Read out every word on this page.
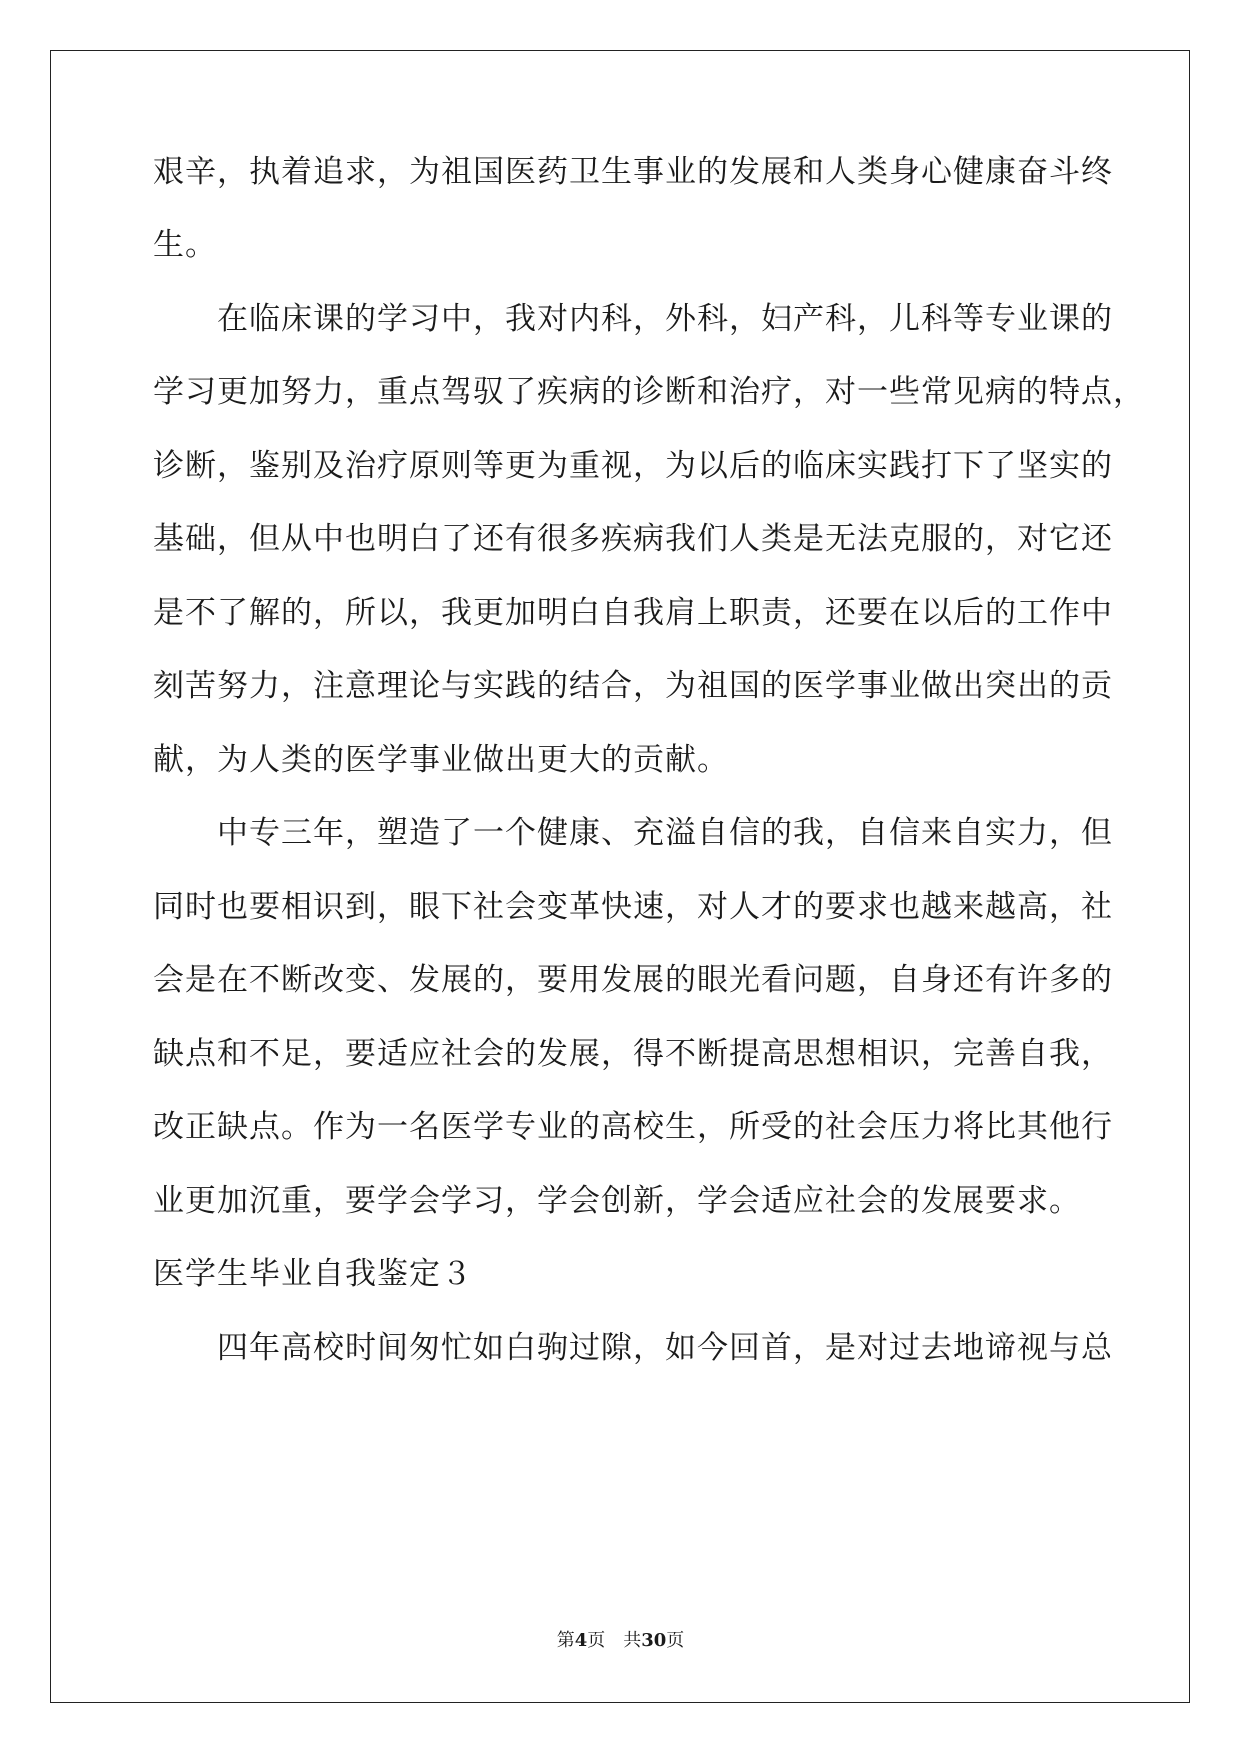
艰辛，执着追求，为祖国医药卫生事业的发展和人类身心健康奋斗终
生。
　　在临床课的学习中，我对内科，外科，妇产科，儿科等专业课的
学习更加努力，重点驾驭了疾病的诊断和治疗，对一些常见病的特点，
诊断，鉴别及治疗原则等更为重视，为以后的临床实践打下了坚实的
基础，但从中也明白了还有很多疾病我们人类是无法克服的，对它还
是不了解的，所以，我更加明白自我肩上职责，还要在以后的工作中
刻苦努力，注意理论与实践的结合，为祖国的医学事业做出突出的贡
献，为人类的医学事业做出更大的贡献。
　　中专三年，塑造了一个健康、充溢自信的我，自信来自实力，但
同时也要相识到，眼下社会变革快速，对人才的要求也越来越高，社
会是在不断改变、发展的，要用发展的眼光看问题，自身还有许多的
缺点和不足，要适应社会的发展，得不断提高思想相识，完善自我，
改正缺点。作为一名医学专业的高校生，所受的社会压力将比其他行
业更加沉重，要学会学习，学会创新，学会适应社会的发展要求。
医学生毕业自我鉴定３
　　四年高校时间匆忙如白驹过隙，如今回首，是对过去地谛视与总
第4页　共30页
